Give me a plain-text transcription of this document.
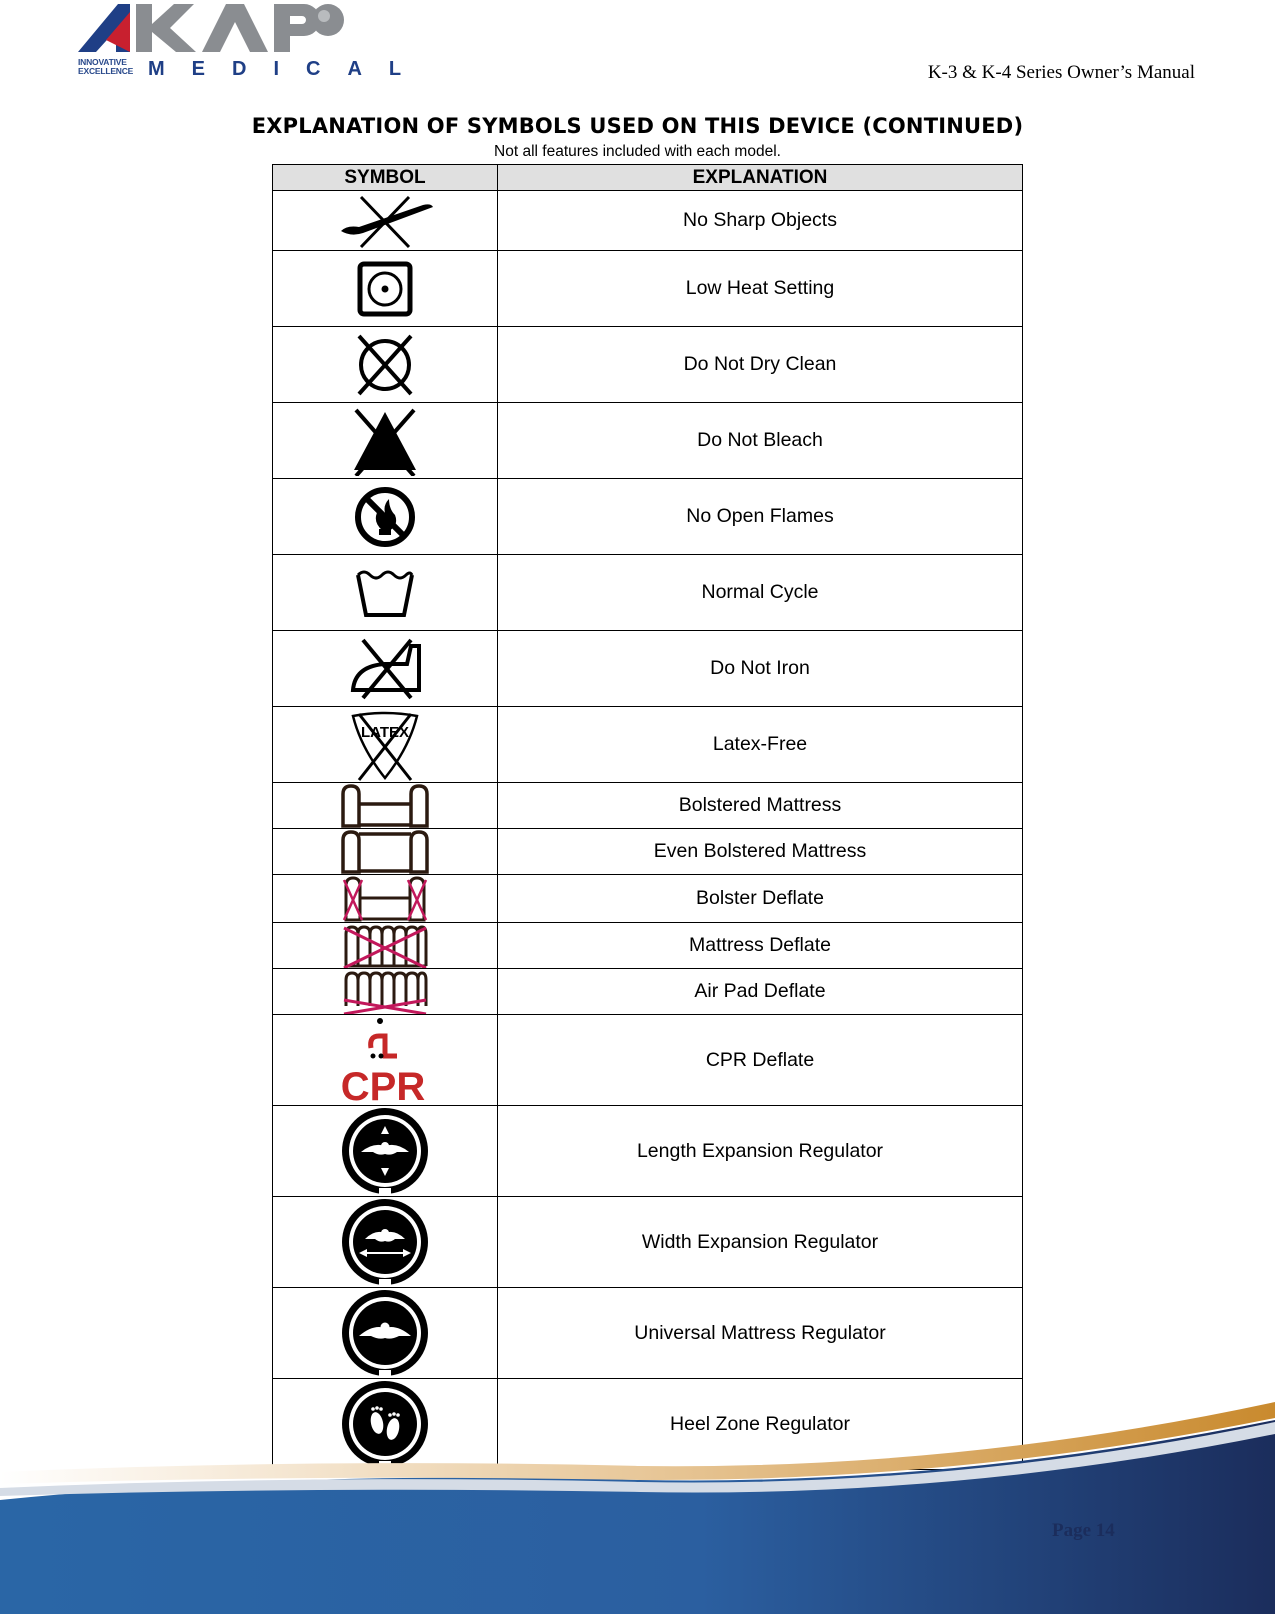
INNOVATIVE
EXCELLENCE MEDICAL	K-3 & K-4 Series Owner’s Manual
EXPLANATION OF SYMBOLS USED ON THIS DEVICE (CONTINUED)
Not all features included with each model.
SYMBOL	EXPLANATION

	No Sharp Objects

	Low Heat Setting

	Do Not Dry Clean

	Do Not Bleach

	No Open Flames

	Normal Cycle

	Do Not Iron

LATEX	Latex-Free

	Bolstered Mattress

	Even Bolstered Mattress

	Bolster Deflate

	Mattress Deflate

	Air Pad Deflate

CPR	CPR Deflate

	Length Expansion Regulator

	Width Expansion Regulator

	Universal Mattress Regulator

	Heel Zone Regulator
Page 14
